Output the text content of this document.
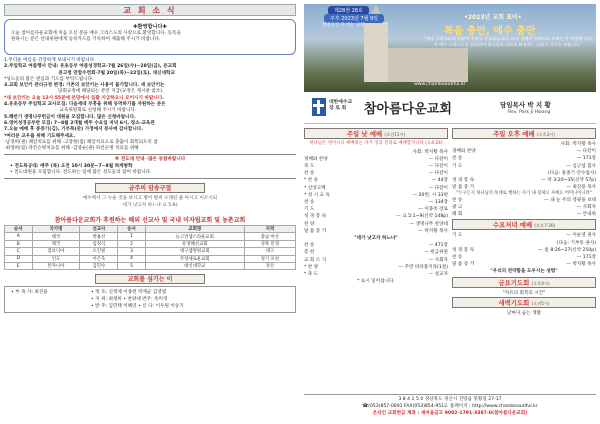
교 회 소 식
✚환영합니다✚

오늘 참아름다운교회에 처음 오신 분을 예수 그리스도의 사랑으로 환영합니다. 등록을

원하시는 분은 안내위원에게 등록카드를 기록하여 제출해 주시기 바랍니다.

1.무더운 여름을 건강하게 보내시기 바랍니다.
2.주일학교 여름행사 안내: 유초등부 여름성경학교-7월 26일(수)~28일(금), 본교회
중고청 연합수련회-7월 20일(목)~22일(토), 대신대학교
*성도들의 많은 관심과 기도를 부탁드립니다.
3.교회 보안키 관리규정 변경: 기존의 보안키는 사용이 불가합니다. 새 보안키는
당회규정에 해당되는 분만 지급(규정은 게시판 참조).
*새 보안키는 오늘 12시 55분에 본당에서 일괄 지급하오니 모이시기 바랍니다.
4.유초등부 주일학교 교사모집: 다음세대 부흥을 위해 동역하기를 자원하는 분은
교육위원회로 신청해 주시기 바랍니다.
5.해반기 생명나무헌금이 대원을 모집합니다. 많은 신청바랍니다.
6.영어성경공부반 모집: 7~8월 2개월 매주 수요일 저녁 6시, 장소-교육관
7.오늘 예배 후 중증기(김), 기부특(관) 가정에서 봉사에 감사합니다.
*여러분 교우를 위해 기도해주세요.
-남경희(권) 폐암치료를 위해 -고장현(집) 폐암치료으로 충출이 회복되도록 참
-최영희(집) 파킨슨병치료를 위해 -김영순(권) 파킨슨병 치료를 위해
※ 전도대 안내 -많은 동참바랍니다
• 전도특공대: 매주 (목) 오전 10시 30분~7~8월 하계방학
• 전도대원을 모집합니다. 전도하는 일에 많은 성도들의 참여 바랍니다.
금주의 암송구절
예수께서 그 누운 것을 보시고 병이 벌써 오래된 줄 아시고 이르시되
네가 낫고자 하느냐 요 5:6)
참아름다운교회가 후원하는 해외 선교사 및 국내 미자립교회 및 농촌교회
순서	국가명	선교사	순서	교회명	지역
A	태국	박용선	1	늘고연샘스라운교회	충남 아산
B	태국	임정식	2	문경해선교회	경북 문경
C	캄보디아	오인필	3	대구샘병원교회	대구
D	인도	이은욱	4	주성새로운교회	경기 포천
E	탄자니아	김민수	5	대신대학교	경산
교회를 섬기는 이
• 부 목 사: 최진용	• 정 호: 신정제 이종헌 박재균 김영범
• 지 위: 최청희 • 찬양대 반주: 옥미경
• 반 주: 김민태 이혜연 • 신 다: 이우원 이승기
제28권 28호
주후 2023년 7월 9일
생명잉걸 꾸 역는 교회
•2023년 교회 표어•
복음 충만, 예수 충만
"예수 그리스도의 사랑이 우리를 사로잡습니다. 다시 성령의 능력으로 우리는 온 세상에 나가서 예수 그리스도를 전파하며 하나님의 나라를 확장하는 교회가 되기를 원합니다."
www.chambeautiful.kr
대한예수교
장 로 회	참아름다운교회	담임목사 박 지 황
Rev. Park Ji Hwang
주일 낮 예배 (오전11시)
하나님은 영이시니 예배하는 자가 영과 진리로 예배할지니라 (요4:24)
사회: 박지황 목사
경배와 찬양	— 다같이
묵 도	— 다같이
찬 송	— 다같이
* 찬 송	— 44장
* 신앙고백	— 다같이
* 성 시 교 독	— 20번, 시 33편
찬 송	— 134장
기 도	— 이종옥 장로
성 경 봉 독	— 요 5:1~9(신약 148p)
찬 양	— 생명나무 찬양대
말 씀 증 거	— 박지황 목사
"네가 낫고자 하느냐"
찬 송	— 471장
봉 헌	— 헌금위원
교 회 소 식	— 사회자
* 찬 양	— 주만 바라볼지라(1절)
* 축 도	— 설교자
* 표시 일어섭니다.
주일 오후 예배 (오후3시)
사회: 박지황 목사
경배와 찬양	— 다같이
찬 송	— 171장
기 도	— 심근섭 집사
(다음: 홍종기 안수집사)
성 경 봉 독	— 막 3:20~35(신약 57p)
말 씀 증 거	— 최진용 목사
"누구든지 하나님의 뜻대로 행하는 자가 내 형제요 자매요 어머니이니라"
찬 송	— 내 눈 주의 영광을 보네
광 고	— 사회자
폐 회	— 안내위
수요저녁 예배 (오후7:30)
기 도	— 이순영 권사
(다음: 기부흥 권사)
성 경 봉 독	— 룸 8:26~27(신약 250p)
찬 송	— 171장
말 씀 증 거	— 박지황 목사
"우리의 연약함을 도우시는 성령"
금요기도회 (오후9시)
"자유의 회복의 시간"
새벽기도회 (오전5시)
날마다 숨는 생활
3 8 4 1 5 0 경상북도 경산시 진량읍 봉황길 27-17
☎(053)857-0691 FAX(053)854-9512. 홈페이지 : http://www.chambeautiful.kr
온라인 교회헌금 계좌 : 새마을금고 9002-1791-3387-0(참아름다운교회)
